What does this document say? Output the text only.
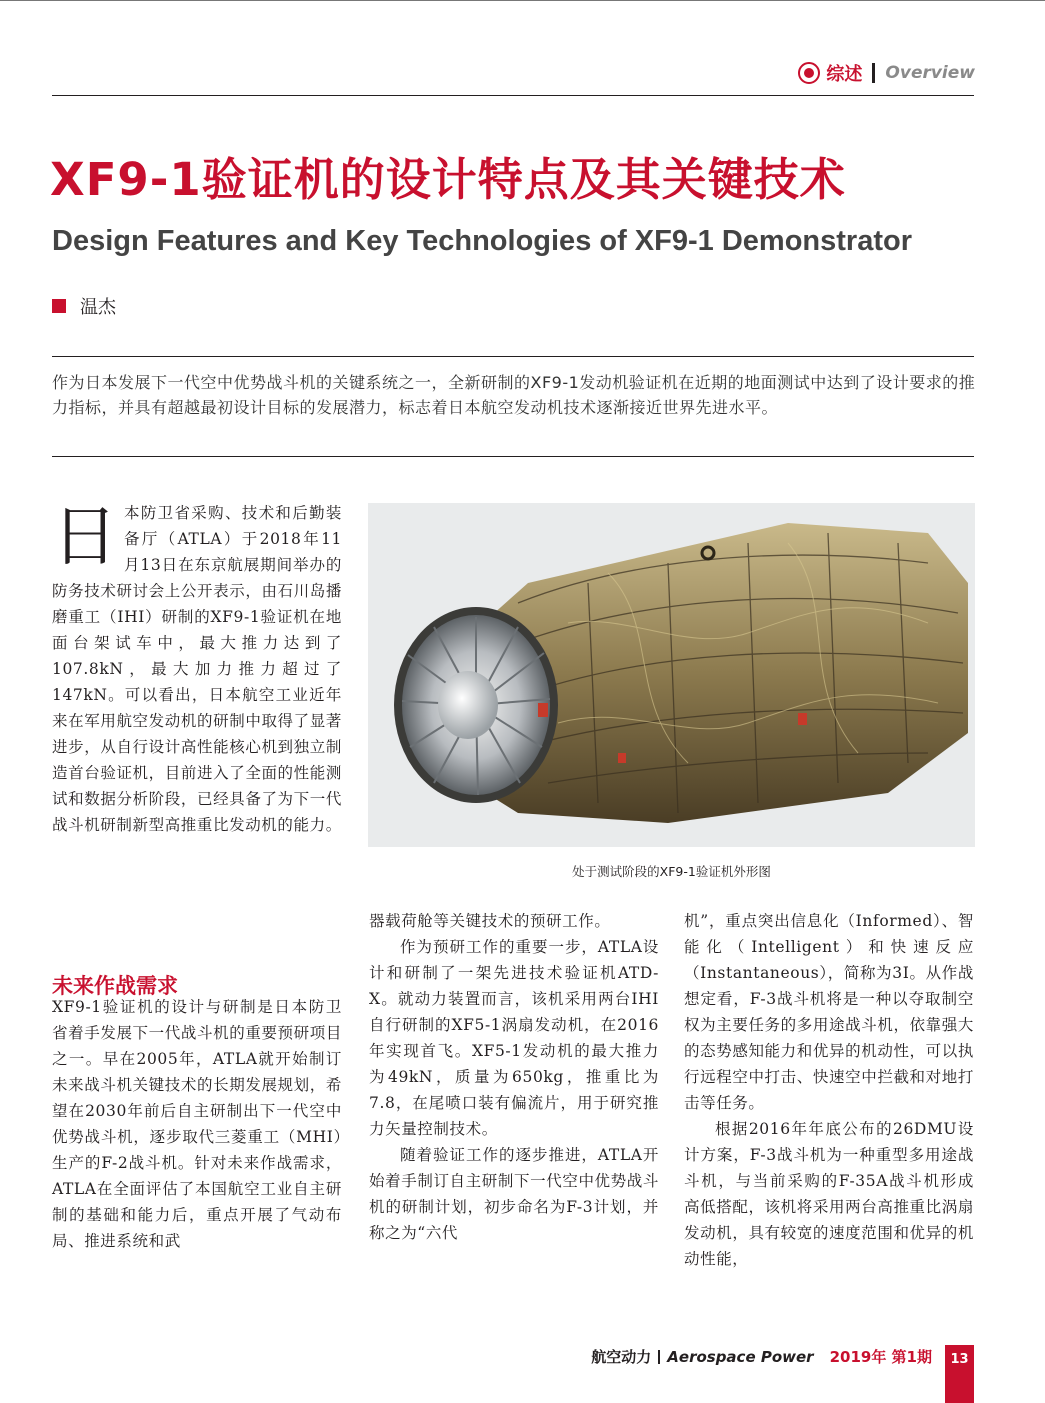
综述 Overview
XF9-1验证机的设计特点及其关键技术
Design Features and Key Technologies of XF9-1 Demonstrator
温杰
作为日本发展下一代空中优势战斗机的关键系统之一，全新研制的XF9-1发动机验证机在近期的地面测试中达到了设计要求的推力指标，并具有超越最初设计目标的发展潜力，标志着日本航空发动机技术逐渐接近世界先进水平。
日 本防卫省采购、技术和后勤装备厅（ATLA）于2018年11月13日在东京航展期间举办的防务技术研讨会上公开表示，由石川岛播磨重工（IHI）研制的XF9-1验证机在地面台架试车中，最大推力达到了107.8kN，最大加力推力超过了147kN。可以看出，日本航空工业近年来在军用航空发动机的研制中取得了显著进步，从自行设计高性能核心机到独立制造首台验证机，目前进入了全面的性能测试和数据分析阶段，已经具备了为下一代战斗机研制新型高推重比发动机的能力。

未来作战需求

XF9-1验证机的设计与研制是日本防卫省着手发展下一代战斗机的重要预研项目之一。早在2005年，ATLA就开始制订未来战斗机关键技术的长期发展规划，希望在2030年前后自主研制出下一代空中优势战斗机，逐步取代三菱重工（MHI）生产的F-2战斗机。针对未来作战需求，ATLA在全面评估了本国航空工业自主研制的基础和能力后，重点开展了气动布局、推进系统和武

处于测试阶段的XF9-1验证机外形图

器载荷舱等关键技术的预研工作。

作为预研工作的重要一步，ATLA设计和研制了一架先进技术验证机ATD-X。就动力装置而言，该机采用两台IHI自行研制的XF5-1涡扇发动机，在2016年实现首飞。XF5-1发动机的最大推力为49kN，质量为650kg，推重比为7.8，在尾喷口装有偏流片，用于研究推力矢量控制技术。

随着验证工作的逐步推进，ATLA开始着手制订自主研制下一代空中优势战斗机的研制计划，初步命名为F-3计划，并称之为“六代

机”，重点突出信息化（Informed）、智能化（Intelligent）和快速反应（Instantaneous），简称为3I。从作战想定看，F-3战斗机将是一种以夺取制空权为主要任务的多用途战斗机，依靠强大的态势感知能力和优异的机动性，可以执行远程空中打击、快速空中拦截和对地打击等任务。

根据2016年年底公布的26DMU设计方案，F-3战斗机为一种重型多用途战斗机，与当前采购的F-35A战斗机形成高低搭配，该机将采用两台高推重比涡扇发动机，具有较宽的速度范围和优异的机动性能，

航空动力 Aerospace Power 2019年 第1期	13
